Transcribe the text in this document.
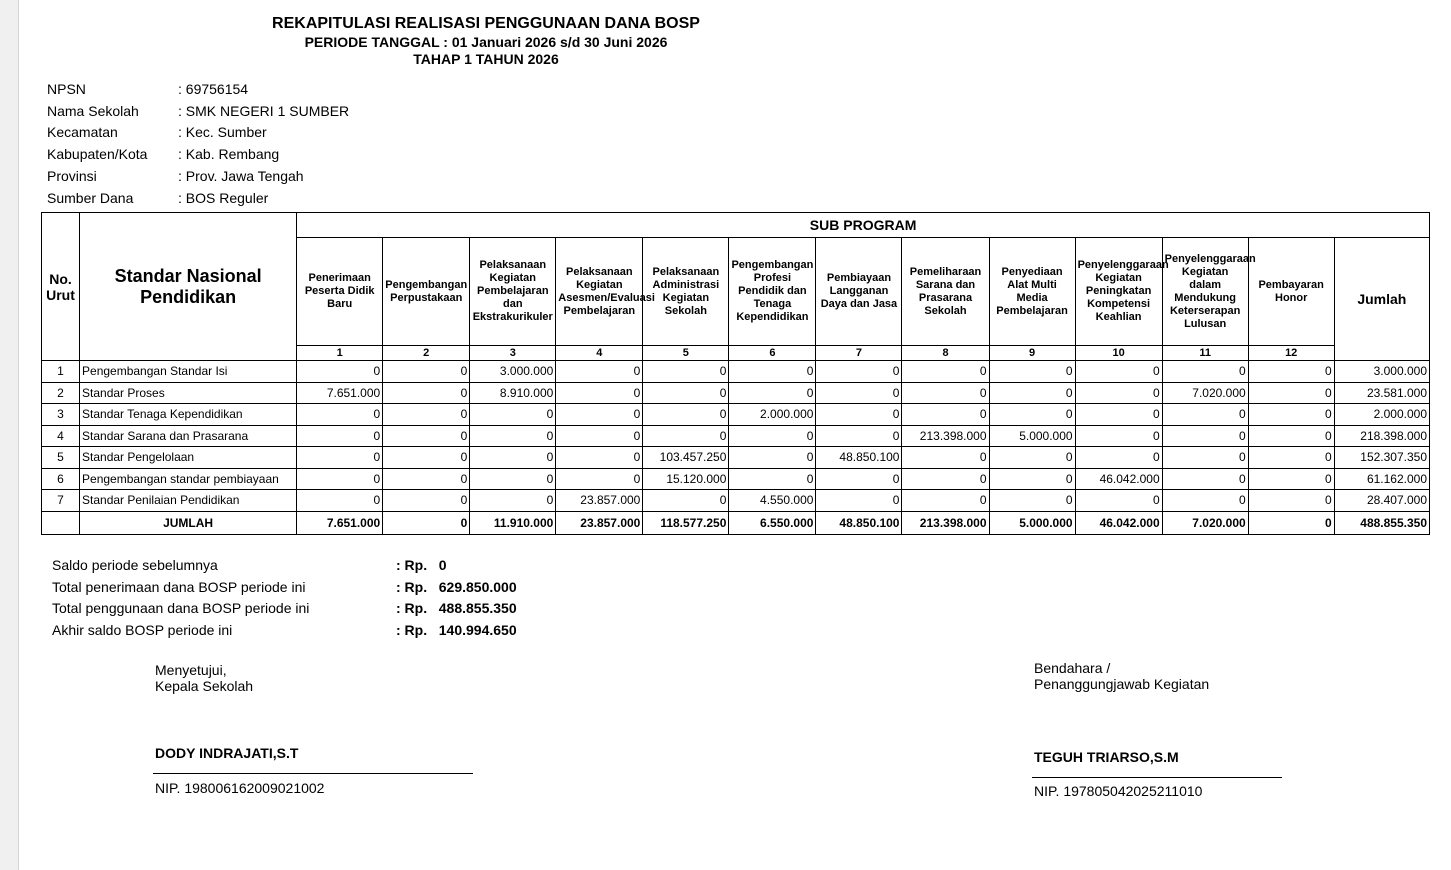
REKAPITULASI REALISASI PENGGUNAAN DANA BOSP
PERIODE TANGGAL : 01 Januari 2026 s/d 30 Juni 2026
TAHAP 1 TAHUN 2026
NPSN	: 69756154
Nama Sekolah	: SMK NEGERI 1 SUMBER
Kecamatan	: Kec. Sumber
Kabupaten/Kota	: Kab. Rembang
Provinsi	: Prov. Jawa Tengah
Sumber Dana	: BOS Reguler
No. Urut	Standar Nasional Pendidikan	SUB PROGRAM												
		Penerimaan Peserta Didik Baru	Pengembangan Perpustakaan	Pelaksanaan Kegiatan Pembelajaran dan Ekstrakurikuler	Pelaksanaan Kegiatan Asesmen/Evaluasi Pembelajaran	Pelaksanaan Administrasi Kegiatan Sekolah	Pengembangan Profesi Pendidik dan Tenaga Kependidikan	Pembiayaan Langganan Daya dan Jasa	Pemeliharaan Sarana dan Prasarana Sekolah	Penyediaan Alat Multi Media Pembelajaran	Penyelenggaraan Kegiatan Peningkatan Kompetensi Keahlian	Penyelenggaraan Kegiatan dalam Mendukung Keterserapan Lulusan	Pembayaran Honor	Jumlah
		1	2	3	4	5	6	7	8	9	10	11	12	
1	Pengembangan Standar Isi	0	0	3.000.000	0	0	0	0	0	0	0	0	0	3.000.000
2	Standar Proses	7.651.000	0	8.910.000	0	0	0	0	0	0	0	7.020.000	0	23.581.000
3	Standar Tenaga Kependidikan	0	0	0	0	0	2.000.000	0	0	0	0	0	0	2.000.000
4	Standar Sarana dan Prasarana	0	0	0	0	0	0	0	213.398.000	5.000.000	0	0	0	218.398.000
5	Standar Pengelolaan	0	0	0	0	103.457.250	0	48.850.100	0	0	0	0	0	152.307.350
6	Pengembangan standar pembiayaan	0	0	0	0	15.120.000	0	0	0	0	46.042.000	0	0	61.162.000
7	Standar Penilaian Pendidikan	0	0	0	23.857.000	0	4.550.000	0	0	0	0	0	0	28.407.000
	JUMLAH	7.651.000	0	11.910.000	23.857.000	118.577.250	6.550.000	48.850.100	213.398.000	5.000.000	46.042.000	7.020.000	0	488.855.350
Saldo periode sebelumnya	: Rp.   0
Total penerimaan dana BOSP periode ini	: Rp.   629.850.000
Total penggunaan dana BOSP periode ini	: Rp.   488.855.350
Akhir saldo BOSP periode ini	: Rp.   140.994.650
Menyetujui,
Kepala Sekolah
DODY INDRAJATI,S.T
NIP. 198006162009021002
Bendahara /
Penanggungjawab Kegiatan
TEGUH TRIARSO,S.M
NIP. 197805042025211010
